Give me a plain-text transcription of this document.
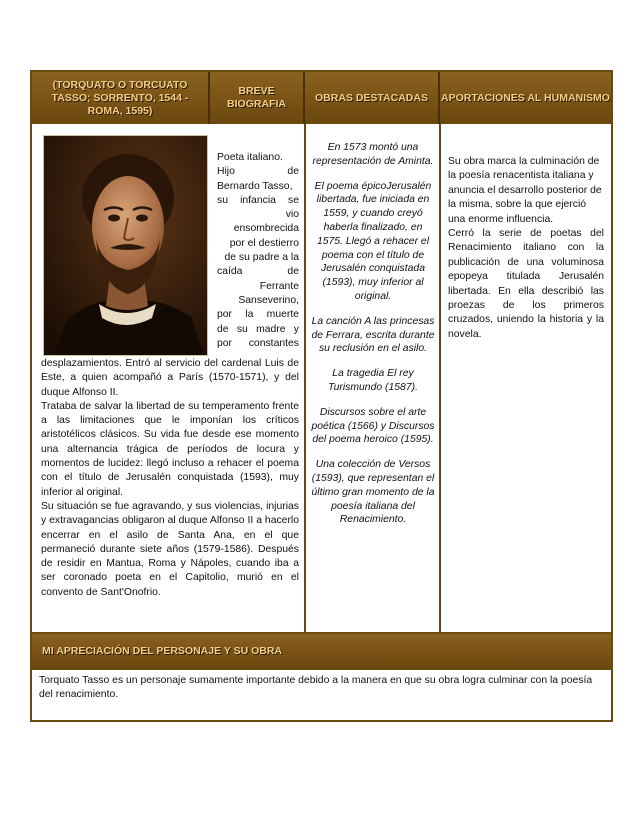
(TORQUATO O TORCUATO TASSO; SORRENTO, 1544 - ROMA, 1595)
BREVE BIOGRAFIA
OBRAS DESTACADAS APORTACIONES AL HUMANISMO
Poeta italiano.
Hijo de
Bernardo Tasso,
su infancia se
vio
ensombrecida
por el destierro
de su padre a la
caída de
Ferrante
Sanseverino,
por la muerte
de su madre y
por constantes

desplazamientos. Entró al servicio del cardenal Luis de Este, a quien acompañó a París (1570-1571), y del duque Alfonso II.

Trataba de salvar la libertad de su temperamento frente a las limitaciones que le imponían los críticos aristotélicos clásicos. Su vida fue desde ese momento una alternancia trágica de períodos de locura y momentos de lucidez: llegó incluso a rehacer el poema con el título de Jerusalén conquistada (1593), muy inferior al original.

Su situación se fue agravando, y sus violencias, injurias y extravagancias obligaron al duque Alfonso II a hacerlo encerrar en el asilo de Santa Ana, en el que permaneció durante siete años (1579-1586). Después de residir en Mantua, Roma y Nápoles, cuando iba a ser coronado poeta en el Capitolio, murió en el convento de Sant'Onofrio.

En 1573 montó una representación de Aminta.

El poema épicoJerusalén libertada, fue iniciada en 1559, y cuando creyó haberla finalizado, en 1575. Llegó a rehacer el poema con el título de Jerusalén conquistada (1593), muy inferior al original.

La canción A las princesas de Ferrara, escrita durante su reclusión en el asilo.

La tragedia El rey Turismundo (1587).

Discursos sobre el arte poética (1566) y Discursos del poema heroico (1595).

Una colección de Versos (1593), que representan el último gran momento de la poesía italiana del Renacimiento.

Su obra marca la culminación de la poesía renacentista italiana y anuncia el desarrollo posterior de la misma, sobre la que ejerció una enorme influencia.

Cerró la serie de poetas del Renacimiento italiano con la publicación de una voluminosa epopeya titulada Jerusalén libertada. En ella describió las proezas de los primeros cruzados, uniendo la historia y la novela.

MI APRECIACIÓN DEL PERSONAJE Y SU OBRA
Torquato Tasso es un personaje sumamente importante debido a la manera en que su obra logra culminar con la poesía del renacimiento.
